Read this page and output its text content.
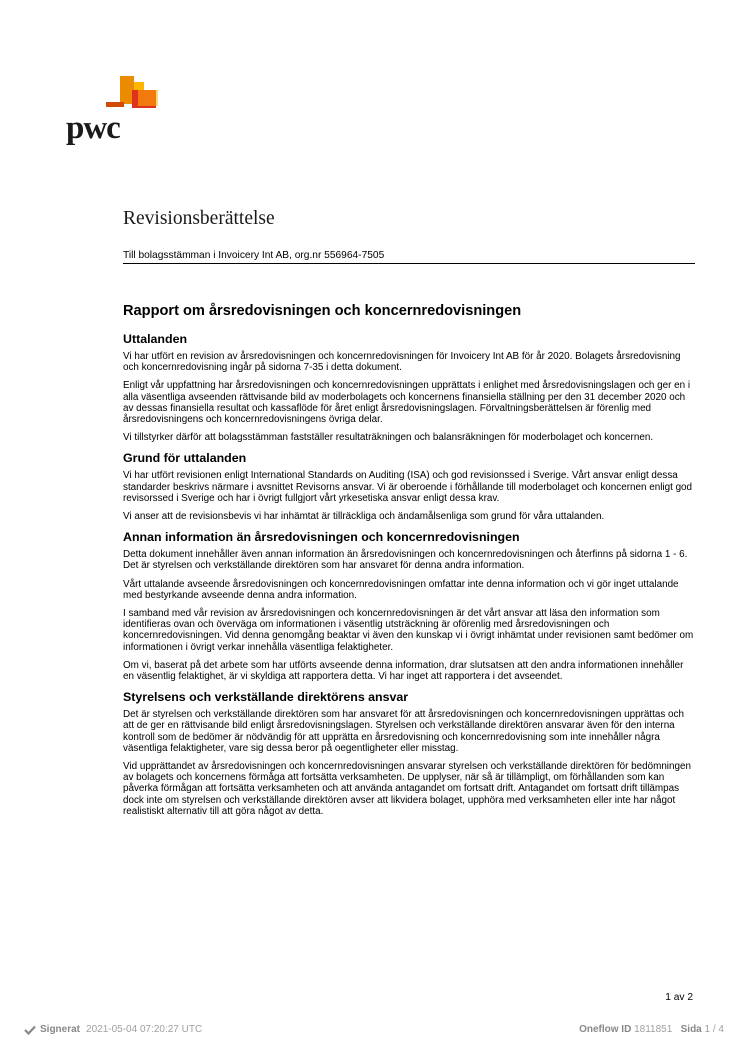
pwc
Revisionsberättelse
Till bolagsstämman i Invoicery Int AB, org.nr 556964-7505
Rapport om årsredovisningen och koncernredovisningen
Uttalanden

Vi har utfört en revision av årsredovisningen och koncernredovisningen för Invoicery Int AB för år 2020. Bolagets årsredovisning och koncernredovisning ingår på sidorna 7-35 i detta dokument.

Enligt vår uppfattning har årsredovisningen och koncernredovisningen upprättats i enlighet med årsredovisningslagen och ger en i alla väsentliga avseenden rättvisande bild av moderbolagets och koncernens finansiella ställning per den 31 december 2020 och av dessas finansiella resultat och kassaflöde för året enligt årsredovisningslagen. Förvaltningsberättelsen är förenlig med årsredovisningens och koncernredovisningens övriga delar.

Vi tillstyrker därför att bolagsstämman fastställer resultaträkningen och balansräkningen för moderbolaget och koncernen.

Grund för uttalanden

Vi har utfört revisionen enligt International Standards on Auditing (ISA) och god revisionssed i Sverige. Vårt ansvar enligt dessa standarder beskrivs närmare i avsnittet Revisorns ansvar. Vi är oberoende i förhållande till moderbolaget och koncernen enligt god revisorssed i Sverige och har i övrigt fullgjort vårt yrkesetiska ansvar enligt dessa krav.

Vi anser att de revisionsbevis vi har inhämtat är tillräckliga och ändamålsenliga som grund för våra uttalanden.

Annan information än årsredovisningen och koncernredovisningen

Detta dokument innehåller även annan information än årsredovisningen och koncernredovisningen och återfinns på sidorna 1 - 6. Det är styrelsen och verkställande direktören som har ansvaret för denna andra information.

Vårt uttalande avseende årsredovisningen och koncernredovisningen omfattar inte denna information och vi gör inget uttalande med bestyrkande avseende denna andra information.

I samband med vår revision av årsredovisningen och koncernredovisningen är det vårt ansvar att läsa den information som identifieras ovan och överväga om informationen i väsentlig utsträckning är oförenlig med årsredovisningen och koncernredovisningen. Vid denna genomgång beaktar vi även den kunskap vi i övrigt inhämtat under revisionen samt bedömer om informationen i övrigt verkar innehålla väsentliga felaktigheter.

Om vi, baserat på det arbete som har utförts avseende denna information, drar slutsatsen att den andra informationen innehåller en väsentlig felaktighet, är vi skyldiga att rapportera detta. Vi har inget att rapportera i det avseendet.

Styrelsens och verkställande direktörens ansvar

Det är styrelsen och verkställande direktören som har ansvaret för att årsredovisningen och koncernredovisningen upprättas och att de ger en rättvisande bild enligt årsredovisningslagen. Styrelsen och verkställande direktören ansvarar även för den interna kontroll som de bedömer är nödvändig för att upprätta en årsredovisning och koncernredovisning som inte innehåller några väsentliga felaktigheter, vare sig dessa beror på oegentligheter eller misstag.

Vid upprättandet av årsredovisningen och koncernredovisningen ansvarar styrelsen och verkställande direktören för bedömningen av bolagets och koncernens förmåga att fortsätta verksamheten. De upplyser, när så är tillämpligt, om förhållanden som kan påverka förmågan att fortsätta verksamheten och att använda antagandet om fortsatt drift. Antagandet om fortsatt drift tillämpas dock inte om styrelsen och verkställande direktören avser att likvidera bolaget, upphöra med verksamheten eller inte har något realistiskt alternativ till att göra något av detta.

1 av 2
Signerat 2021-05-04 07:20:27 UTC	Oneflow ID 1811851 Sida 1 / 4
